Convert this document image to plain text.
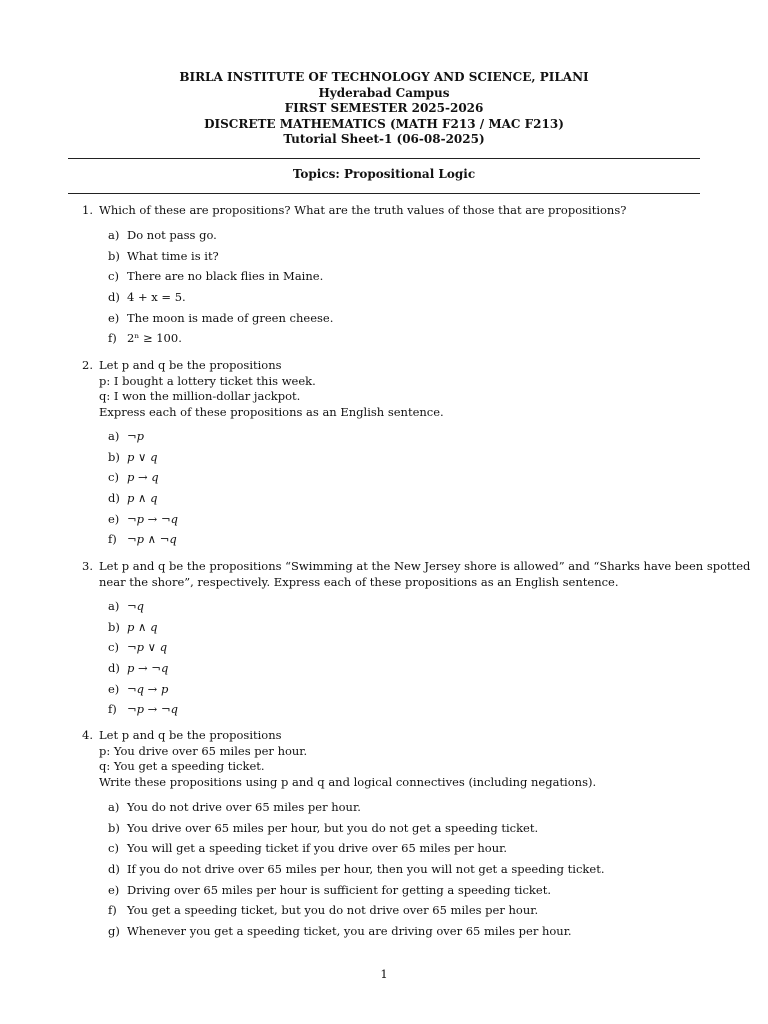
BIRLA INSTITUTE OF TECHNOLOGY AND SCIENCE, PILANI
Hyderabad Campus
FIRST SEMESTER 2025-2026
DISCRETE MATHEMATICS (MATH F213 / MAC F213)
Tutorial Sheet-1 (06-08-2025)
Topics: Propositional Logic
1. Which of these are propositions? What are the truth values of those that are propositions?
a) Do not pass go.
b) What time is it?
c) There are no black flies in Maine.
d) 4 + x = 5.
e) The moon is made of green cheese.
f) 2ⁿ ≥ 100.
2. Let p and q be the propositions
p: I bought a lottery ticket this week.
q: I won the million-dollar jackpot.
Express each of these propositions as an English sentence.
a) ¬p
b) p ∨ q
c) p → q
d) p ∧ q
e) ¬p → ¬q
f) ¬p ∧ ¬q
3. Let p and q be the propositions “Swimming at the New Jersey shore is allowed” and “Sharks have been spotted
near the shore”, respectively. Express each of these propositions as an English sentence.
a) ¬q
b) p ∧ q
c) ¬p ∨ q
d) p → ¬q
e) ¬q → p
f) ¬p → ¬q
4. Let p and q be the propositions
p: You drive over 65 miles per hour.
q: You get a speeding ticket.
Write these propositions using p and q and logical connectives (including negations).
a) You do not drive over 65 miles per hour.
b) You drive over 65 miles per hour, but you do not get a speeding ticket.
c) You will get a speeding ticket if you drive over 65 miles per hour.
d) If you do not drive over 65 miles per hour, then you will not get a speeding ticket.
e) Driving over 65 miles per hour is sufficient for getting a speeding ticket.
f) You get a speeding ticket, but you do not drive over 65 miles per hour.
g) Whenever you get a speeding ticket, you are driving over 65 miles per hour.
1
